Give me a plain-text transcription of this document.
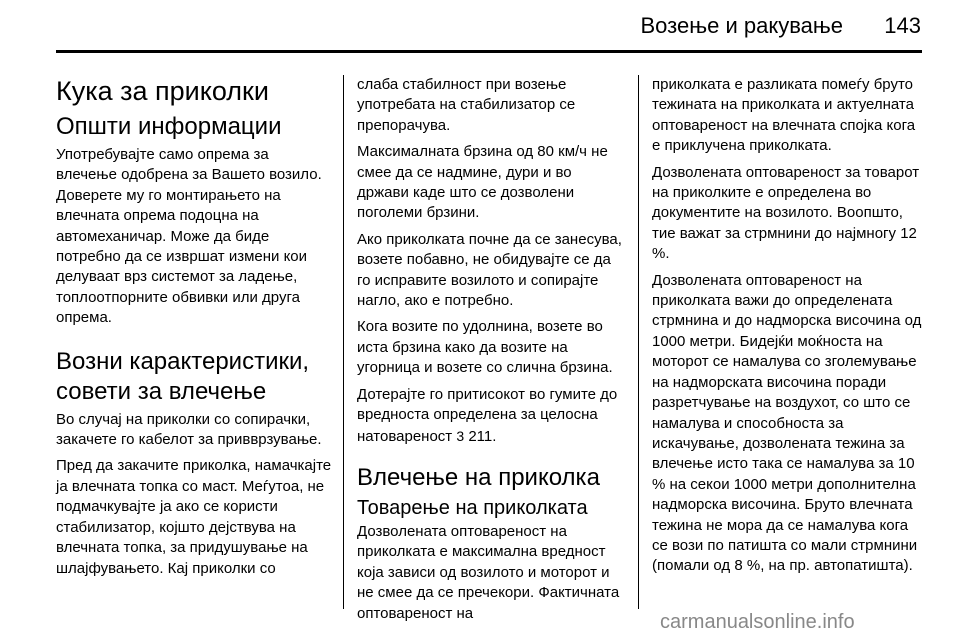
Возење и ракување 143
Кука за приколки
Општи информации

Употребувајте само опрема за влечење одобрена за Вашето возило. Доверете му го монтирањето на влечната опрема подоцна на автомеханичар. Може да биде потребно да се извршат измени кои делуваат врз системот за ладење, топлоотпорните обвивки или друга опрема.

Возни карактеристики, совети за влечење

Во случај на приколки со сопирачки, закачете го кабелот за привврзување.

Пред да закачите приколка, намачкајте ја влечната топка со маст. Меѓутоа, не подмачкувајте ја ако се користи стабилизатор, којшто дејствува на влечната топка, за придушување на шлајфувањето. Кај приколки со

слаба стабилност при возење употребата на стабилизатор се препорачува.

Максималната брзина од 80 км/ч не смее да се надмине, дури и во држави каде што се дозволени поголеми брзини.

Ако приколката почне да се занесува, возете побавно, не обидувајте се да го исправите возилото и сопирајте нагло, ако е потребно.

Кога возите по удолнина, возете во иста брзина како да возите на угорница и возете со слична брзина.

Дотерајте го притисокот во гумите до вредноста определена за целосна натовареност 3 211.

Влечење на приколка
Товарење на приколката

Дозволената оптовареност на приколката е максимална вредност која зависи од возилото и моторот и не смее да се пречекори. Фактичната оптовареност на

приколката е разликата помеѓу бруто тежината на приколката и актуелната оптовареност на влечната спојка кога е приклучена приколката.

Дозволената оптовареност за товарот на приколките е определена во документите на возилото. Воопшто, тие важат за стрмнини до најмногу 12 %.

Дозволената оптовареност на приколката важи до определената стрмнина и до надморска височина од 1000 метри. Бидејќи моќноста на моторот се намалува со зголемување на надморската височина поради разретчување на воздухот, со што се намалува и способноста за искачување, дозволената тежина за влечење исто така се намалува за 10 % на секои 1000 метри дополнителна надморска височина. Бруто влечната тежина не мора да се намалува кога се вози по патишта со мали стрмнини (помали од 8 %, на пр. автопатишта).

carmanualsonline.info
